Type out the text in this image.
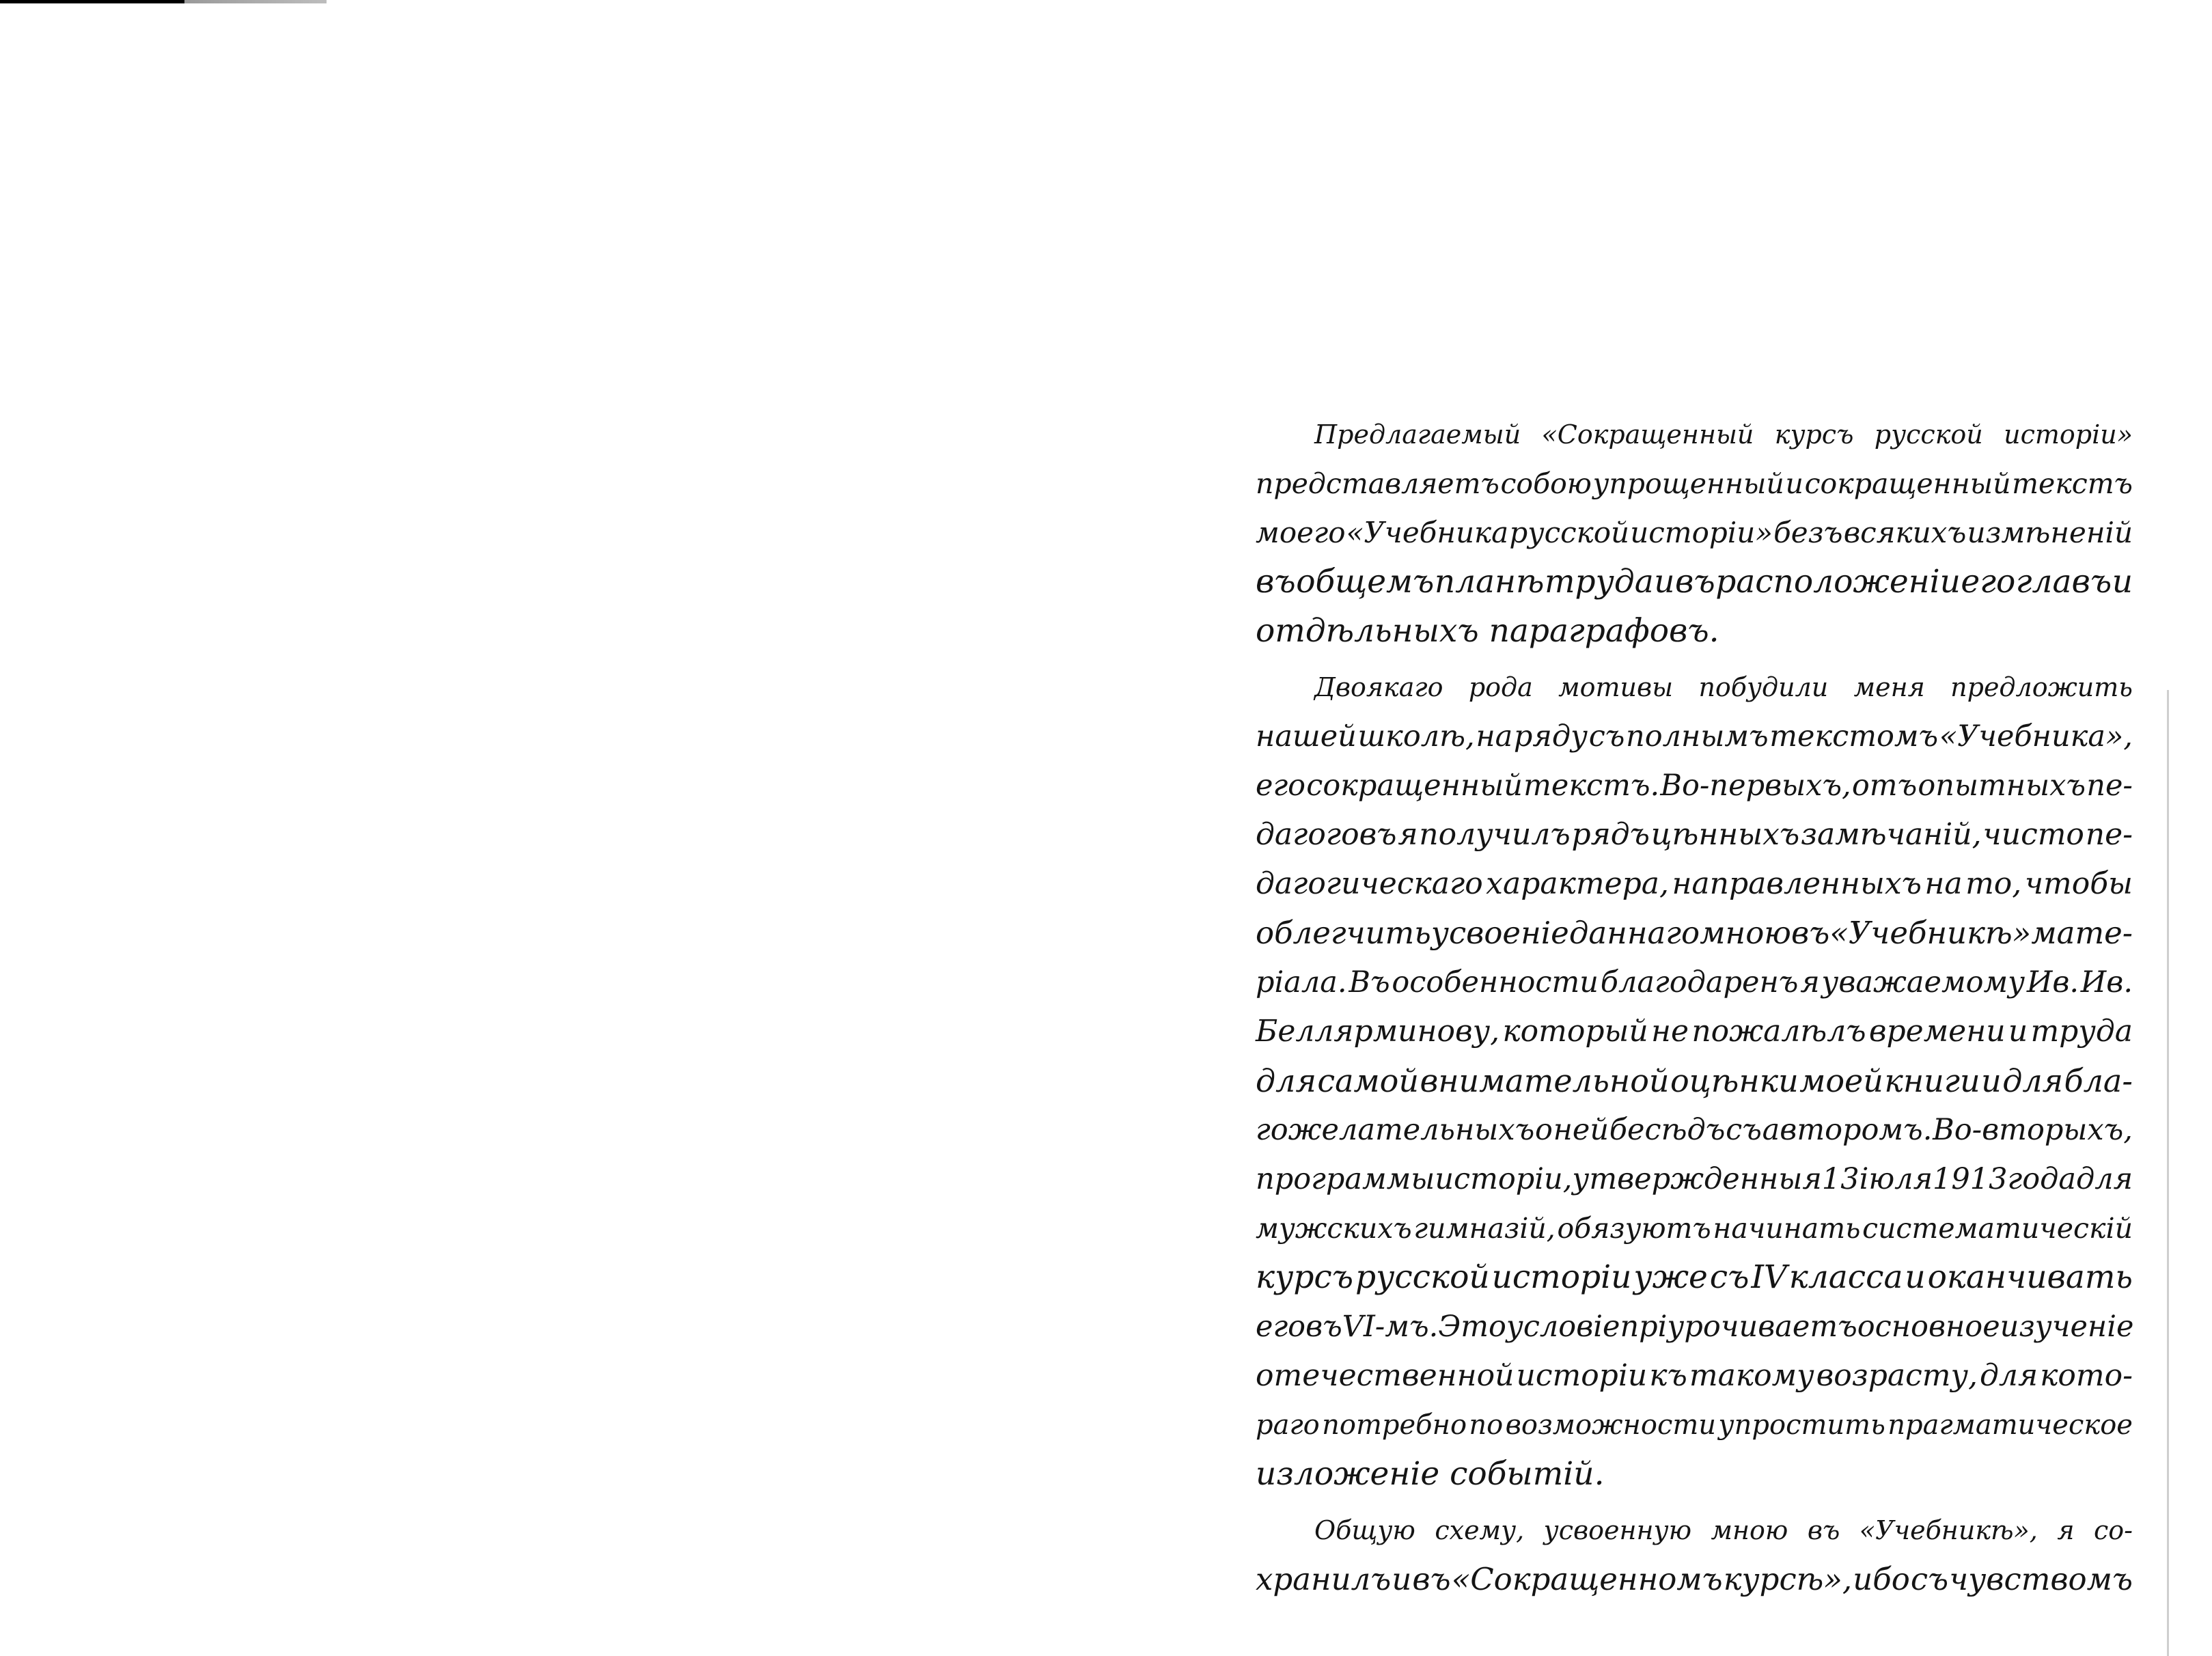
Предлагаемый «Сокращенный курсъ русской исторіи»
представляетъ собою упрощенный и сокращенный текстъ
моего «Учебника русской исторіи» безъ всякихъ измѣненій
въ общемъ планѣ труда и въ расположеніи его главъ и
отдѣльныхъ параграфовъ.
Двоякаго рода мотивы побудили меня предложить
нашей школѣ, на ряду съ полнымъ текстомъ «Учебника»,
его сокращенный текстъ. Во-первыхъ, отъ опытныхъ пе-
дагоговъ я получилъ рядъ цѣнныхъ замѣчаній, чисто пе-
дагогическаго характера, направленныхъ на то, чтобы
облегчить усвоеніе даннаго мною въ «Учебникѣ» мате-
ріала. Въ особенности благодаренъ я уважаемому Ив. Ив.
Беллярминову, который не пожалѣлъ времени и труда
для самой внимательной оцѣнки моей книги и для бла-
гожелательныхъ о ней бесѣдъ съ авторомъ. Во-вторыхъ,
программы исторіи, утвержденныя 13 іюля 1913 года для
мужскихъ гимназій, обязуютъ начинать систематическій
курсъ русской исторіи уже съ IV класса и оканчивать
его въ VI-мъ. Это условіе пріурочиваетъ основное изученіе
отечественной исторіи къ такому возрасту, для кото-
раго потребно по возможности упростить прагматическое
изложеніе событій.
Общую схему, усвоенную мною въ «Учебникѣ», я со-
хранилъ и въ «Сокращенномъ курсѣ», ибо съ чувствомъ
